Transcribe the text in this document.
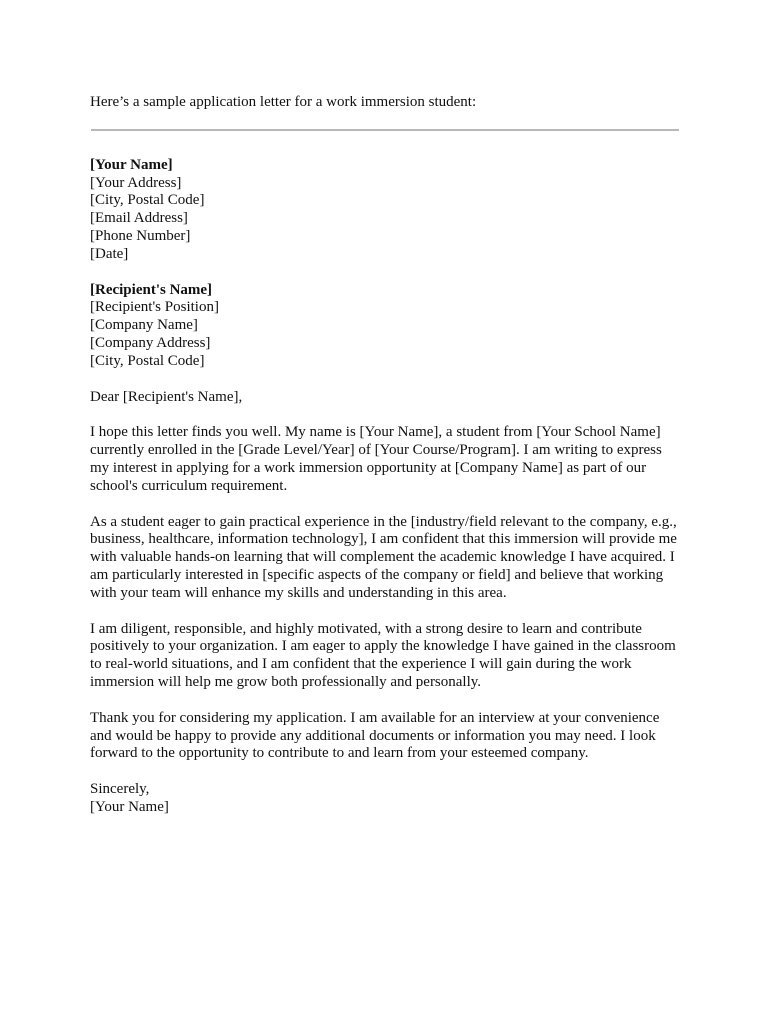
Here’s a sample application letter for a work immersion student:

[Your Name]
[Your Address]
[City, Postal Code]
[Email Address]
[Phone Number]
[Date]
[Recipient's Name]
[Recipient's Position]
[Company Name]
[Company Address]
[City, Postal Code]

Dear [Recipient's Name],

I hope this letter finds you well. My name is [Your Name], a student from [Your School Name] currently enrolled in the [Grade Level/Year] of [Your Course/Program]. I am writing to express my interest in applying for a work immersion opportunity at [Company Name] as part of our school's curriculum requirement.

As a student eager to gain practical experience in the [industry/field relevant to the company, e.g., business, healthcare, information technology], I am confident that this immersion will provide me with valuable hands-on learning that will complement the academic knowledge I have acquired. I am particularly interested in [specific aspects of the company or field] and believe that working with your team will enhance my skills and understanding in this area.

I am diligent, responsible, and highly motivated, with a strong desire to learn and contribute positively to your organization. I am eager to apply the knowledge I have gained in the classroom to real-world situations, and I am confident that the experience I will gain during the work immersion will help me grow both professionally and personally.

Thank you for considering my application. I am available for an interview at your convenience and would be happy to provide any additional documents or information you may need. I look forward to the opportunity to contribute to and learn from your esteemed company.

Sincerely,
[Your Name]
